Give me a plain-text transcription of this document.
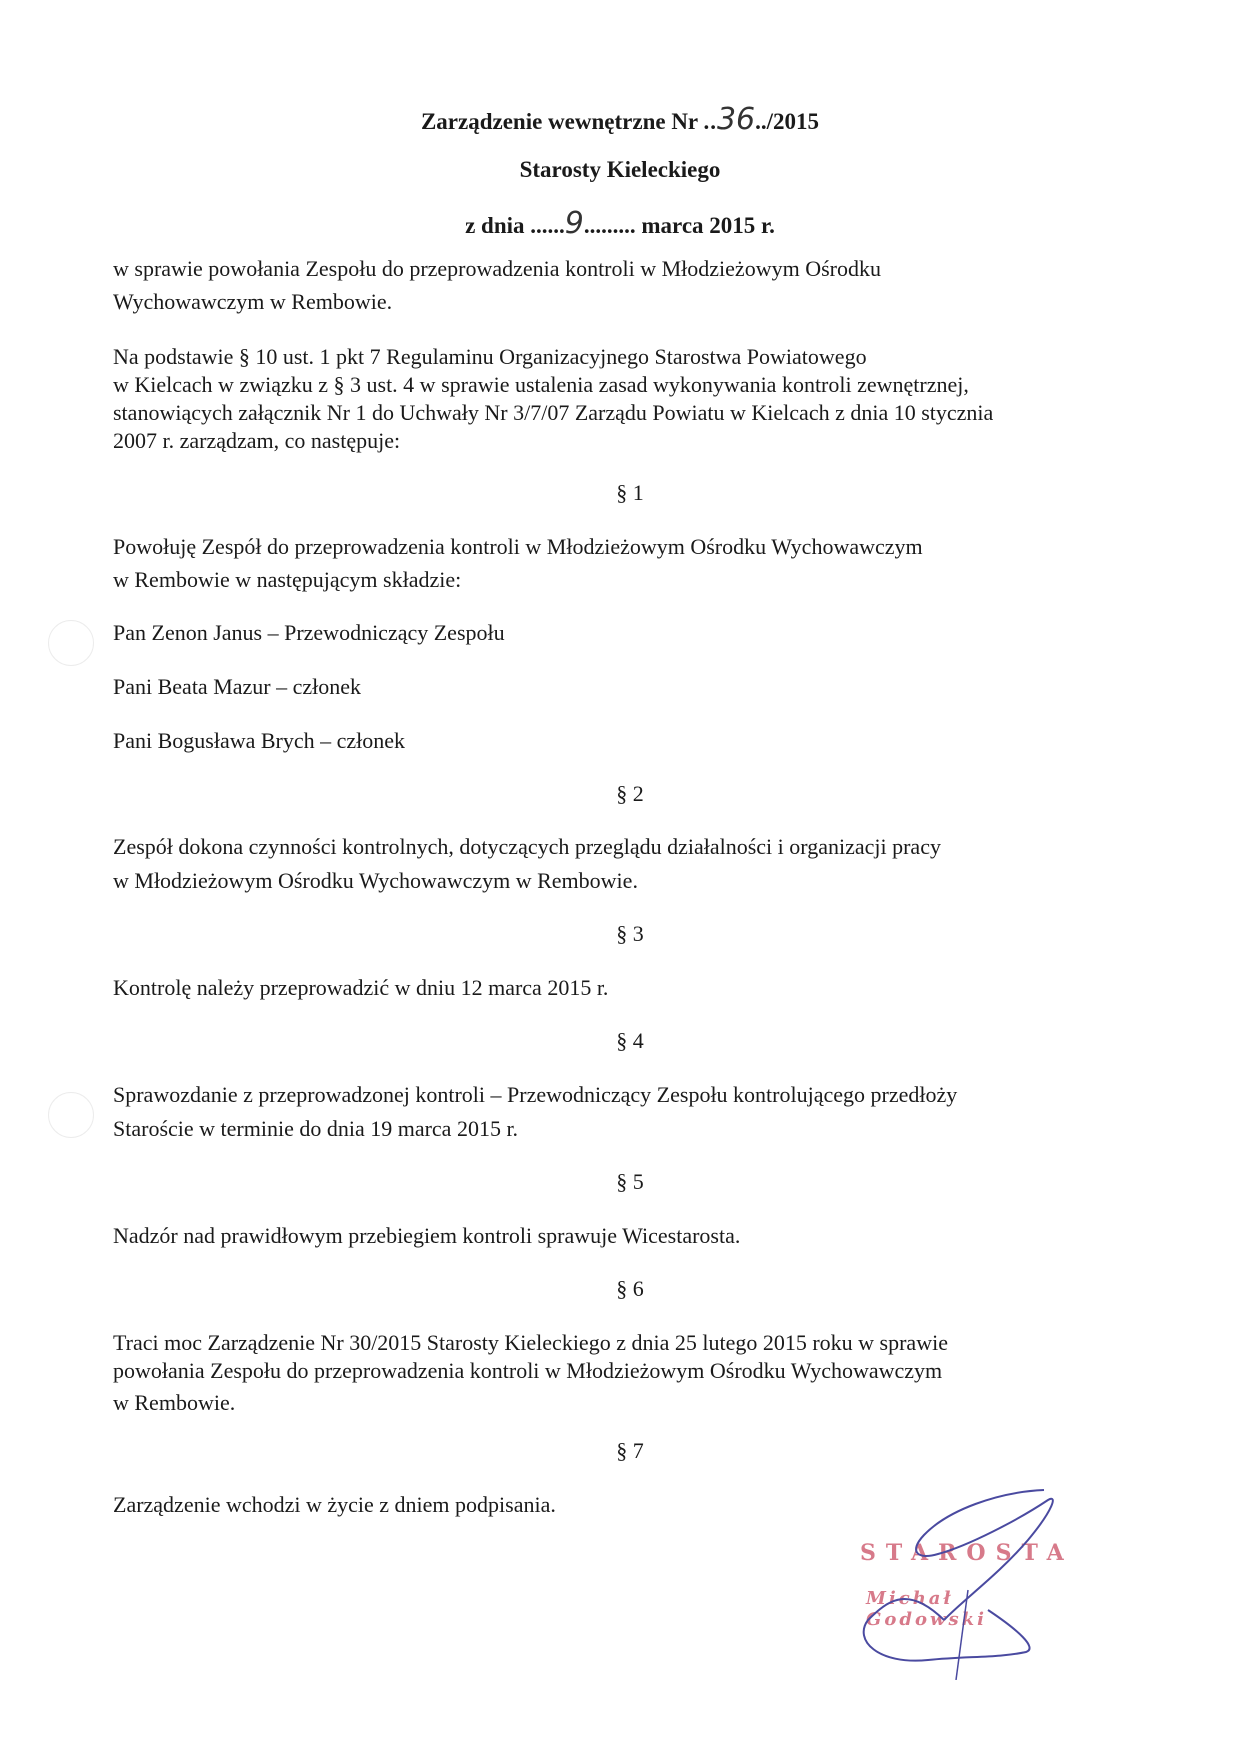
Zarządzenie wewnętrzne Nr ..36../2015
Starosty Kieleckiego
z dnia ......9......... marca 2015 r.
w sprawie powołania Zespołu do przeprowadzenia kontroli w Młodzieżowym Ośrodku
Wychowawczym w Rembowie.
Na podstawie § 10 ust. 1 pkt 7 Regulaminu Organizacyjnego Starostwa Powiatowego
w Kielcach w związku z § 3 ust. 4 w sprawie ustalenia zasad wykonywania kontroli zewnętrznej,
stanowiących załącznik Nr 1 do Uchwały Nr 3/7/07 Zarządu Powiatu w Kielcach z dnia 10 stycznia
2007 r. zarządzam, co następuje:
§ 1
Powołuję Zespół do przeprowadzenia kontroli w Młodzieżowym Ośrodku Wychowawczym
w Rembowie w następującym składzie:
Pan Zenon Janus – Przewodniczący Zespołu
Pani Beata Mazur – członek
Pani Bogusława Brych – członek
§ 2
Zespół dokona czynności kontrolnych, dotyczących przeglądu działalności i organizacji pracy
w Młodzieżowym Ośrodku Wychowawczym w Rembowie.
§ 3
Kontrolę należy przeprowadzić w dniu 12 marca 2015 r.
§ 4
Sprawozdanie z przeprowadzonej kontroli – Przewodniczący Zespołu kontrolującego przedłoży
Staroście w terminie do dnia 19 marca 2015 r.
§ 5
Nadzór nad prawidłowym przebiegiem kontroli sprawuje Wicestarosta.
§ 6
Traci moc Zarządzenie Nr 30/2015 Starosty Kieleckiego z dnia 25 lutego 2015 roku w sprawie
powołania Zespołu do przeprowadzenia kontroli w Młodzieżowym Ośrodku Wychowawczym
w Rembowie.
§ 7
Zarządzenie wchodzi w życie z dniem podpisania.
STAROSTA
Michał Godowski
